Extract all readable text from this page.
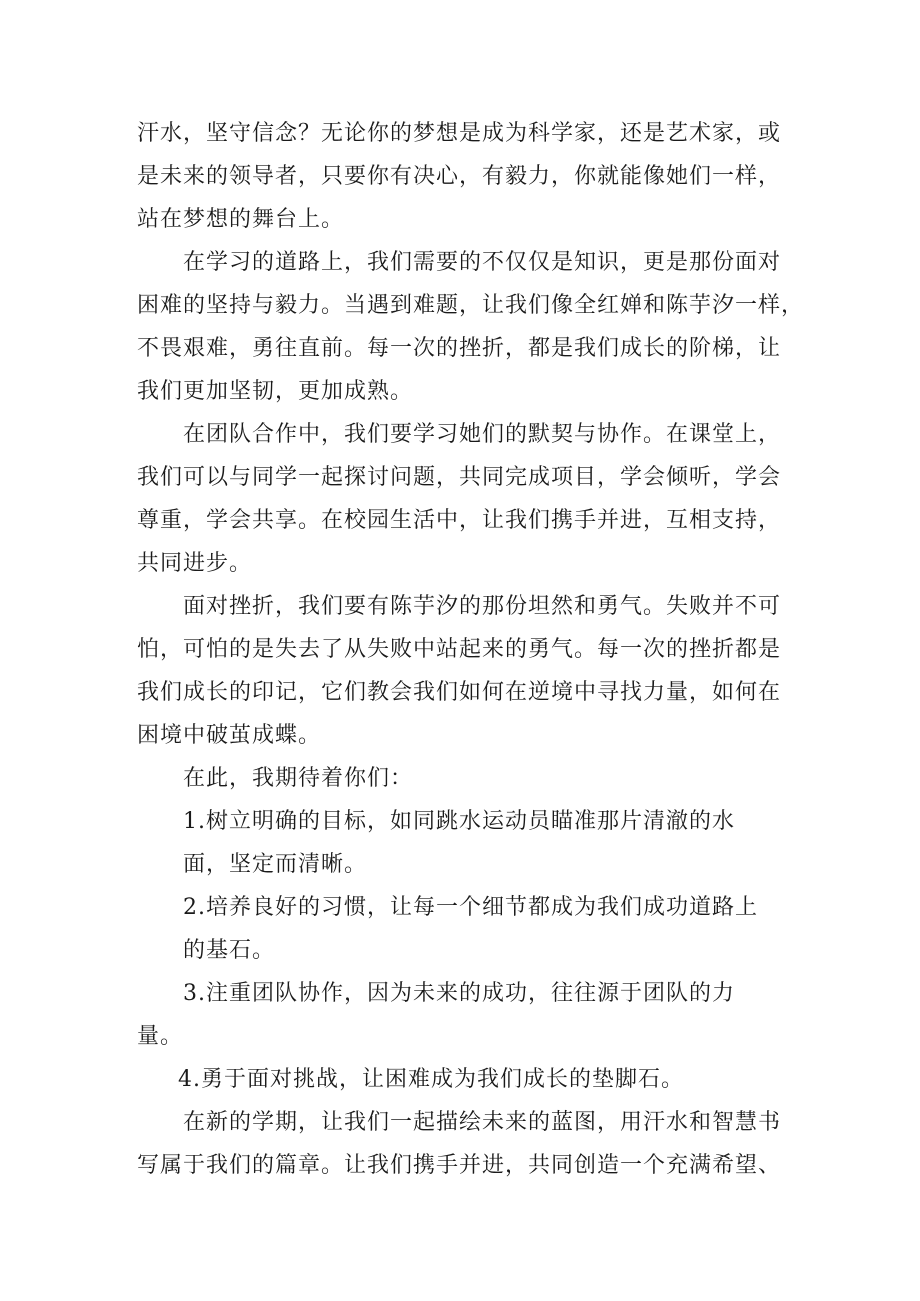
汗水，坚守信念？无论你的梦想是成为科学家，还是艺术家，或
是未来的领导者，只要你有决心，有毅力，你就能像她们一样，
站在梦想的舞台上。
在学习的道路上，我们需要的不仅仅是知识，更是那份面对
困难的坚持与毅力。当遇到难题，让我们像全红婵和陈芋汐一样，
不畏艰难，勇往直前。每一次的挫折，都是我们成长的阶梯，让
我们更加坚韧，更加成熟。
在团队合作中，我们要学习她们的默契与协作。在课堂上，
我们可以与同学一起探讨问题，共同完成项目，学会倾听，学会
尊重，学会共享。在校园生活中，让我们携手并进，互相支持，
共同进步。
面对挫折，我们要有陈芋汐的那份坦然和勇气。失败并不可
怕，可怕的是失去了从失败中站起来的勇气。每一次的挫折都是
我们成长的印记，它们教会我们如何在逆境中寻找力量，如何在
困境中破茧成蝶。
在此，我期待着你们：
1.树立明确的目标，如同跳水运动员瞄准那片清澈的水
面，坚定而清晰。
2.培养良好的习惯，让每一个细节都成为我们成功道路上
的基石。
3.注重团队协作，因为未来的成功，往往源于团队的力
量。
4.勇于面对挑战，让困难成为我们成长的垫脚石。
在新的学期，让我们一起描绘未来的蓝图，用汗水和智慧书
写属于我们的篇章。让我们携手并进，共同创造一个充满希望、
